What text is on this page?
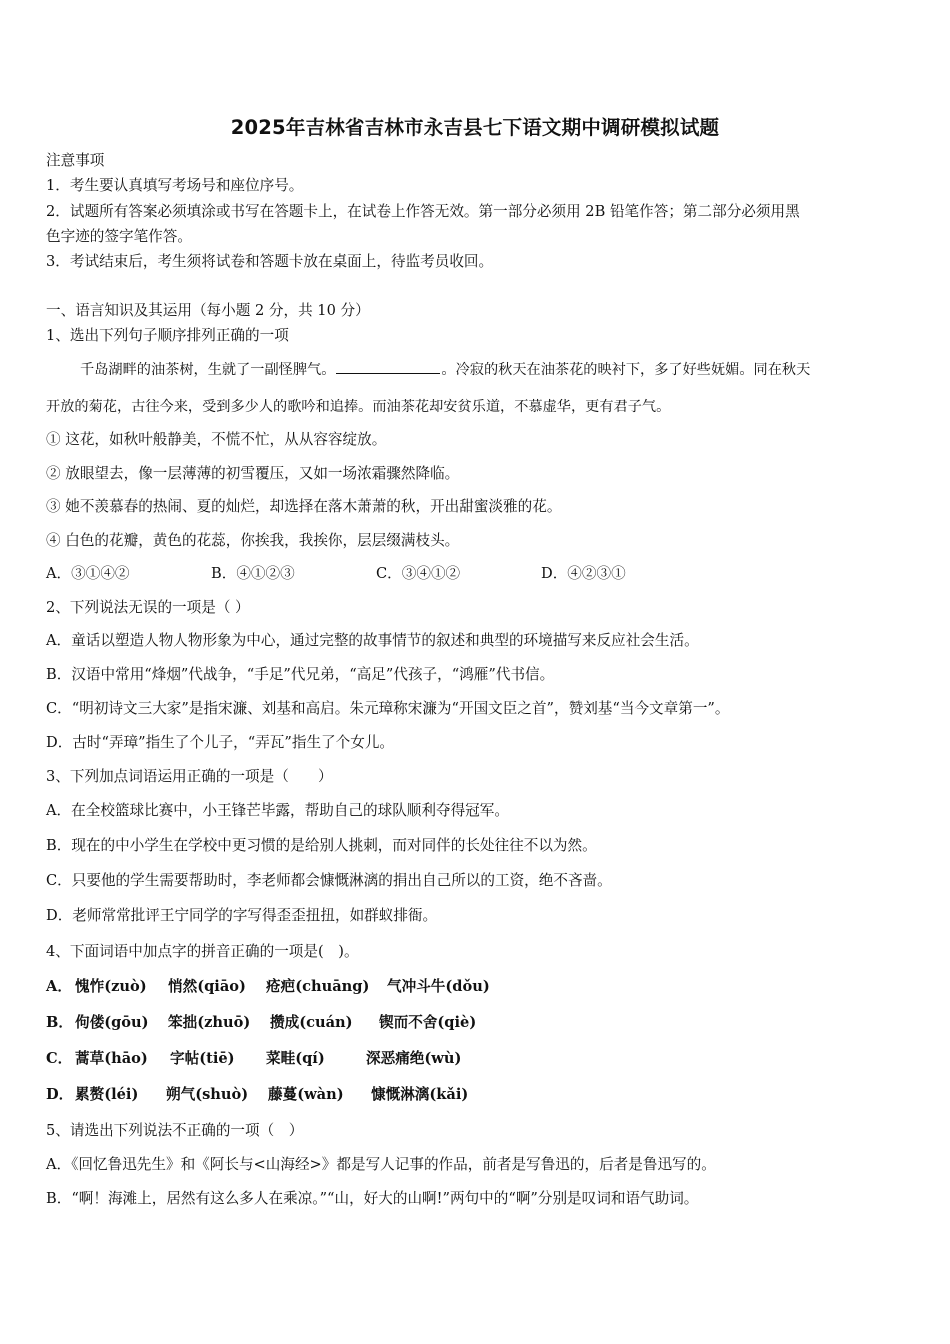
2025年吉林省吉林市永吉县七下语文期中调研模拟试题
注意事项
1．考生要认真填写考场号和座位序号。
2．试题所有答案必须填涂或书写在答题卡上，在试卷上作答无效。第一部分必须用 2B 铅笔作答；第二部分必须用黑
色字迹的签字笔作答。
3．考试结束后，考生须将试卷和答题卡放在桌面上，待监考员收回。
一、语言知识及其运用（每小题 2 分，共 10 分）
1、选出下列句子顺序排列正确的一项
千岛湖畔的油茶树，生就了一副怪脾气。	。冷寂的秋天在油茶花的映衬下，多了好些妩媚。同在秋天
开放的菊花，古往今来，受到多少人的歌吟和追捧。而油茶花却安贫乐道，不慕虚华，更有君子气。
① 这花，如秋叶般静美，不慌不忙，从从容容绽放。
② 放眼望去，像一层薄薄的初雪覆压，又如一场浓霜骤然降临。
③ 她不羡慕春的热闹、夏的灿烂，却选择在落木萧萧的秋，开出甜蜜淡雅的花。
④ 白色的花瓣，黄色的花蕊，你挨我，我挨你，层层缀满枝头。
A．③①④②	B．④①②③	C．③④①②	D．④②③①
2、下列说法无误的一项是（ ）
A．童话以塑造人物人物形象为中心，通过完整的故事情节的叙述和典型的环境描写来反应社会生活。
B．汉语中常用“烽烟”代战争，“手足”代兄弟，“高足”代孩子，“鸿雁”代书信。
C．“明初诗文三大家”是指宋濂、刘基和高启。朱元璋称宋濂为“开国文臣之首”，赞刘基“当今文章第一”。
D．古时“弄璋”指生了个儿子，“弄瓦”指生了个女儿。
3、下列加点词语运用正确的一项是（　　）
A．在全校篮球比赛中，小王锋芒毕露，帮助自己的球队顺利夺得冠军。
B．现在的中小学生在学校中更习惯的是给别人挑刺，而对同伴的长处往往不以为然。
C．只要他的学生需要帮助时，李老师都会慷慨淋漓的捐出自己所以的工资，绝不吝啬。
D．老师常常批评王宁同学的字写得歪歪扭扭，如群蚁排衙。
4、下面词语中加点字的拼音正确的一项是(　)。
A． 愧怍(zuò) 悄然(qiāo) 疮疤(chuāng) 气冲斗牛(dǒu)
B． 佝偻(gōu) 笨拙(zhuō) 攒成(cuán) 锲而不舍(qiè)
C． 蒿草(hāo) 字帖(tiē) 菜畦(qí)	深恶痛绝(wù)
D． 累赘(léi) 朔气(shuò) 藤蔓(wàn) 慷慨淋漓(kǎi)
5、请选出下列说法不正确的一项（　）
A．《回忆鲁迅先生》和《阿长与<山海经>》都是写人记事的作品，前者是写鲁迅的，后者是鲁迅写的。
B．“啊！海滩上，居然有这么多人在乘凉。”“山，好大的山啊!”两句中的“啊”分别是叹词和语气助词。
